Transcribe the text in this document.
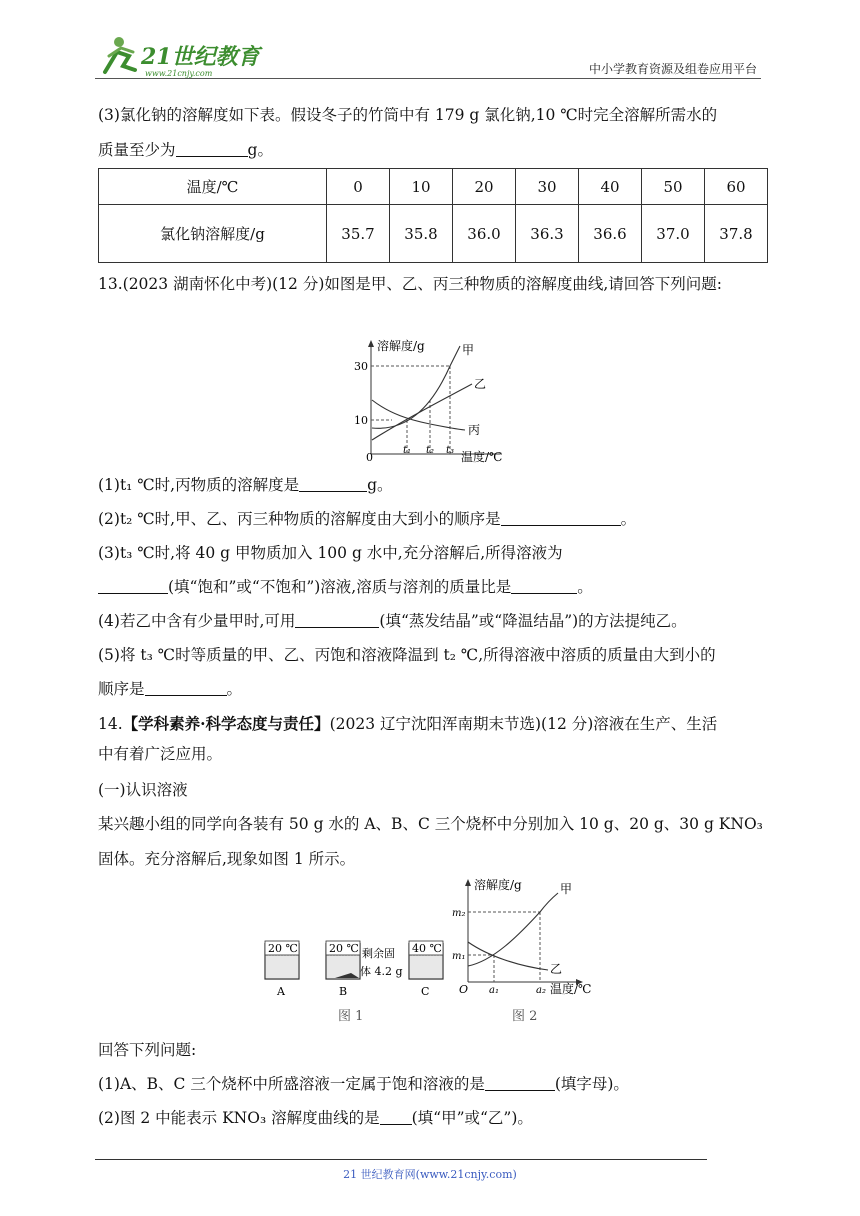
21世纪教育
www.21cnjy.com	中小学教育资源及组卷应用平台
(3)氯化钠的溶解度如下表。假设冬子的竹筒中有 179 g 氯化钠,10 ℃时完全溶解所需水的
质量至少为	g。
温度/℃	0	10	20	30	40	50	60
氯化钠溶解度/g	35.7	35.8	36.0	36.3	36.6	37.0	37.8
13.(2023 湖南怀化中考)(12 分)如图是甲、乙、丙三种物质的溶解度曲线,请回答下列问题:
溶解度/g
30
10
0
t₁ t₂ t₃ 温度/℃
甲
乙
丙
(1)t₁ ℃时,丙物质的溶解度是	g。
(2)t₂ ℃时,甲、乙、丙三种物质的溶解度由大到小的顺序是	。
(3)t₃ ℃时,将 40 g 甲物质加入 100 g 水中,充分溶解后,所得溶液为
(填“饱和”或“不饱和”)溶液,溶质与溶剂的质量比是	。
(4)若乙中含有少量甲时,可用	(填“蒸发结晶”或“降温结晶”)的方法提纯乙。
(5)将 t₃ ℃时等质量的甲、乙、丙饱和溶液降温到 t₂ ℃,所得溶液中溶质的质量由大到小的
顺序是	。
14.【学科素养·科学态度与责任】(2023 辽宁沈阳浑南期末节选)(12 分)溶液在生产、生活
中有着广泛应用。
(一)认识溶液
某兴趣小组的同学向各装有 50 g 水的 A、B、C 三个烧杯中分别加入 10 g、20 g、30 g KNO₃
固体。充分溶解后,现象如图 1 所示。
20 ℃
A
20 ℃
B
剩余固
体 4.2 g
40 ℃
C
图 1
溶解度/g
m₂
m₁
O a₁	a₂ 温度/℃
甲
乙
图 2
回答下列问题:
(1)A、B、C 三个烧杯中所盛溶液一定属于饱和溶液的是	(填字母)。
(2)图 2 中能表示 KNO₃ 溶解度曲线的是 (填“甲”或“乙”)。
21 世纪教育网(www.21cnjy.com)
